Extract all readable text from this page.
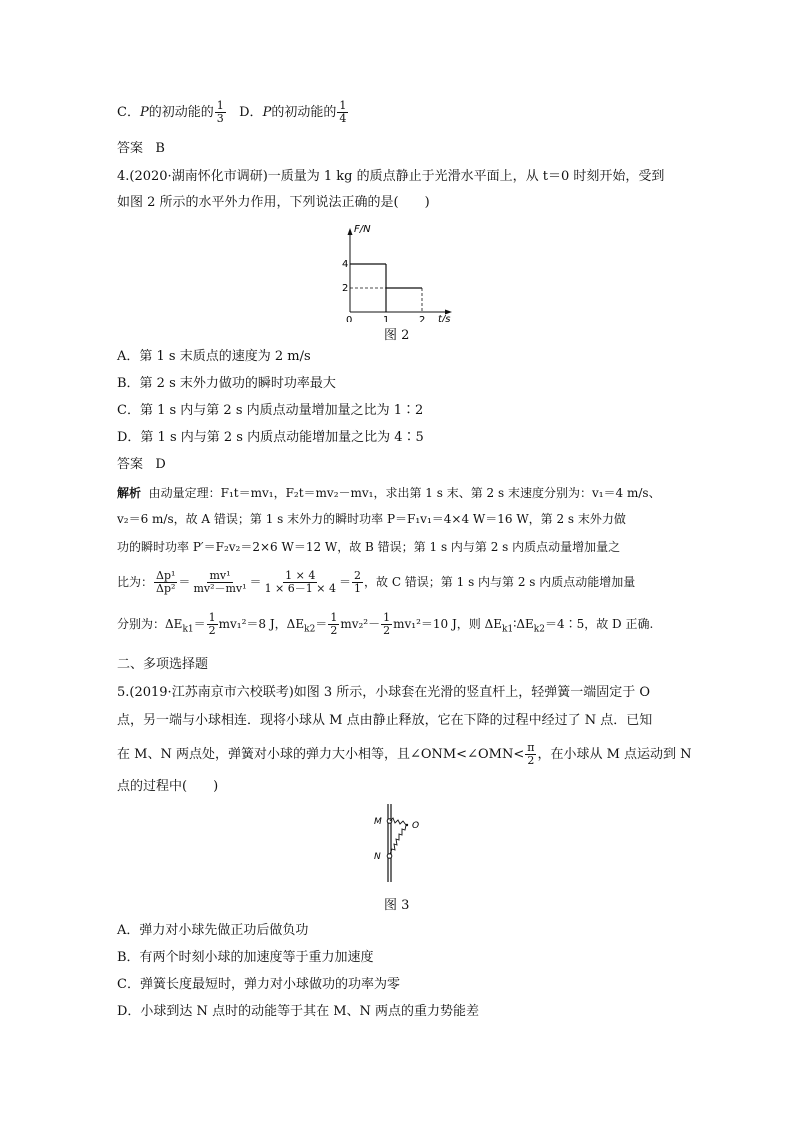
C．P的初动能的 $\frac{1}{3}$ D．P的初动能的 $\frac{1}{4}$
答案 B
4.(2020·湖南怀化市调研)一质量为 1 kg 的质点静止于光滑水平面上，从 t＝0 时刻开始，受到
如图 2 所示的水平外力作用，下列说法正确的是(　　)
F/N
t/s
2
4
0	1	2
图 2
A．第 1 s 末质点的速度为 2 m/s
B．第 2 s 末外力做功的瞬时功率最大
C．第 1 s 内与第 2 s 内质点动量增加量之比为 1∶2
D．第 1 s 内与第 2 s 内质点动能增加量之比为 4∶5
答案 D
解析 由动量定理：F₁t＝mv₁，F₂t＝mv₂－mv₁，求出第 1 s 末、第 2 s 末速度分别为：v₁＝4 m/s、
v₂＝6 m/s，故 A 错误；第 1 s 末外力的瞬时功率 P＝F₁v₁＝4×4 W＝16 W，第 2 s 末外力做
功的瞬时功率 P′＝F₂v₂＝2×6 W＝12 W，故 B 错误；第 1 s 内与第 2 s 内质点动量增加量之
比为： $\frac{\text{Δp¹}}{\text{Δp²}} = \frac{\text{mv¹}}{\text{mv²－mv¹}} = \frac{1 \times 4}{1 \times 6-1 \times 4} = \frac{2}{1}$ ，故 C 错误；第 1 s 内与第 2 s 内质点动能增加量
分别为：$\Delta E_{k1}= \frac{1}{2} mv_1^2=8$ J，$\Delta E_{k2}= \frac{1}{2} mv_2^2- \frac{1}{2} mv_1^2=10$ J，则 $\Delta E_{k1}∶\Delta E_{k2}=4∶5$，故 D 正确.
二、多项选择题
5.(2019·江苏南京市六校联考)如图 3 所示，小球套在光滑的竖直杆上，轻弹簧一端固定于 O
点，另一端与小球相连．现将小球从 M 点由静止释放，它在下降的过程中经过了 N 点．已知
在 M、N 两点处，弹簧对小球的弹力大小相等，且∠ONM<∠OMN< $\frac{\pi}{2}$ ，在小球从 M 点运动到 N
点的过程中(　　)
M
N
O
图 3
A．弹力对小球先做正功后做负功
B．有两个时刻小球的加速度等于重力加速度
C．弹簧长度最短时，弹力对小球做功的功率为零
D．小球到达 N 点时的动能等于其在 M、N 两点的重力势能差
